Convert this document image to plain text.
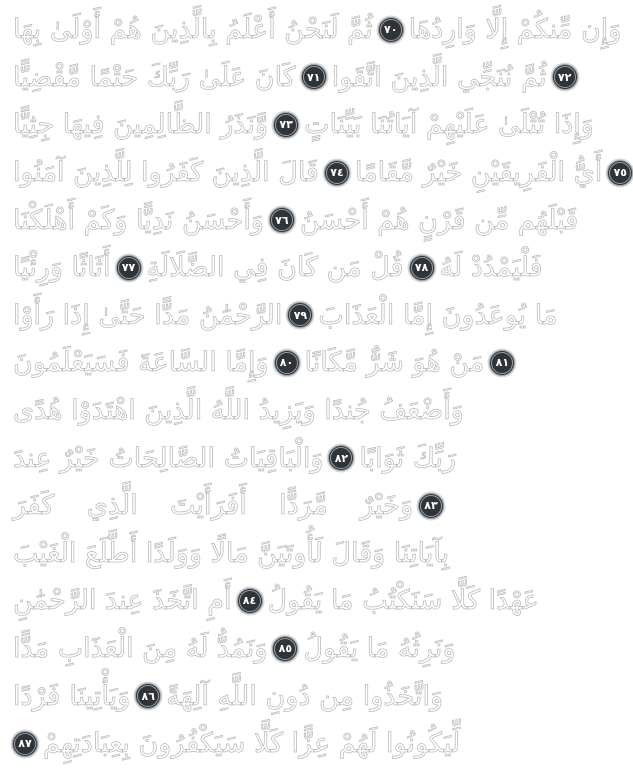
ثُمَّ لَنَحْنُ أَعْلَمُ بِالَّذِينَ هُمْ أَوْلَىٰ بِهَا	٧٠ وَإِن مِّنكُمْ إِلَّا وَارِدُهَا
كَانَ عَلَىٰ رَبِّكَ حَتْمًا مَّقْضِيًّا	٧١ ثُمَّ نُنَجِّي الَّذِينَ اتَّقَوا	٧٢
وَّنَذَرُ الظَّالِمِينَ فِيهَا جِثِيًّا	٧٣ وَإِذَا تُتْلَىٰ عَلَيْهِمْ آيَاتُنَا بَيِّنَاتٍ
قَالَ الَّذِينَ كَفَرُوا لِلَّذِينَ آمَنُوا	٧٤ أَيُّ الْفَرِيقَيْنِ خَيْرٌ مَّقَامًا	٧٥
وَأَحْسَنُ نَدِيًّا وَكَمْ أَهْلَكْنَا	٧٦ قَبْلَهُم مِّن قَرْنٍ هُمْ أَحْسَنُ
أَثَاثًا وَرِئْيًا	٧٧ قُلْ مَن كَانَ فِي الضَّلَالَةِ	٧٨ فَلْيَمْدُدْ لَهُ
الرَّحْمَٰنُ مَدًّا حَتَّىٰ إِذَا رَأَوْا	٧٩ مَا يُوعَدُونَ إِمَّا الْعَذَابَ
وَإِمَّا السَّاعَةَ فَسَيَعْلَمُونَ	٨٠ مَنْ هُوَ شَرٌّ مَّكَانًا	٨١
وَأَضْعَفُ جُندًا وَيَزِيدُ اللَّهُ الَّذِينَ اهْتَدَوْا هُدًى
وَالْبَاقِيَاتُ الصَّالِحَاتُ خَيْرٌ عِندَ	٨٢ رَبِّكَ ثَوَابًا
وَخَيْرٌ مَّرَدًّا أَفَرَأَيْتَ الَّذِي كَفَرَ	٨٣
بِآيَاتِنَا وَقَالَ لَأُوتَيَنَّ مَالًا وَوَلَدًا أَطَّلَعَ الْغَيْبَ
أَمِ اتَّخَذَ عِندَ الرَّحْمَٰنِ	٨٤ عَهْدًا كَلَّا سَنَكْتُبُ مَا يَقُولُ
وَنَمُدُّ لَهُ مِنَ الْعَذَابِ مَدًّا	٨٥ وَنَرِثُهُ مَا يَقُولُ
وَيَأْتِينَا فَرْدًا	٨٦ وَاتَّخَذُوا مِن دُونِ اللَّهِ آلِهَةً
٨٧ لِّيَكُونُوا لَهُمْ عِزًّا كَلَّا سَيَكْفُرُونَ بِعِبَادَتِهِمْ
